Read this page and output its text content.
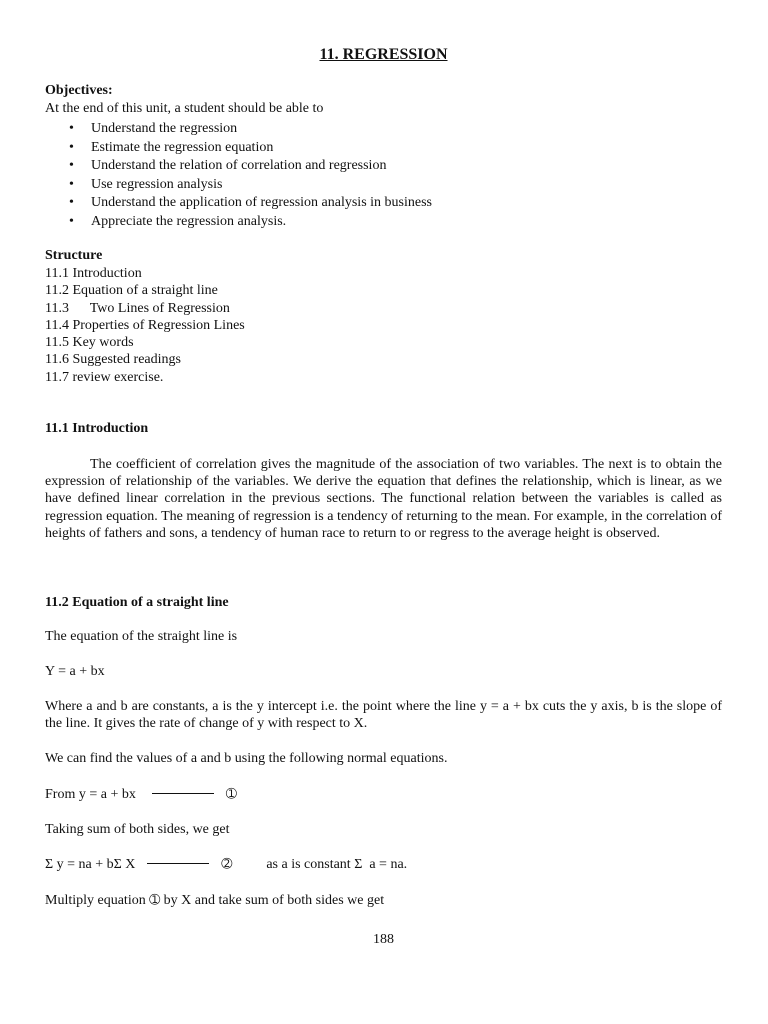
11. REGRESSION
Objectives:
At the end of this unit, a student should be able to
• Understand the regression
• Estimate the regression equation
• Understand the relation of correlation and regression
• Use regression analysis
• Understand the application of regression analysis in business
• Appreciate the regression analysis.
Structure
11.1 Introduction
11.2 Equation of a straight line
11.3      Two Lines of Regression
11.4 Properties of Regression Lines
11.5 Key words
11.6 Suggested readings
11.7 review exercise.
11.1 Introduction

The coefficient of correlation gives the magnitude of the association of two variables. The next is to obtain the expression of relationship of the variables. We derive the equation that defines the relationship, which is linear, as we have defined linear correlation in the previous sections. The functional relation between the variables is called as regression equation. The meaning of regression is a tendency of returning to the mean. For example, in the correlation of heights of fathers and sons, a tendency of human race to return to or regress to the average height is observed.

11.2 Equation of a straight line
The equation of the straight line is
Y = a + bx

Where a and b are constants, a is the y intercept i.e. the point where the line y = a + bx cuts the y axis, b is the slope of the line. It gives the rate of change of y with respect to X.

We can find the values of a and b using the following normal equations.
From y = a + bx	➀
Taking sum of both sides, we get
Σ y = na + bΣ X	➁ as a is constant Σ  a = na.
Multiply equation ➀ by X and take sum of both sides we get
188
